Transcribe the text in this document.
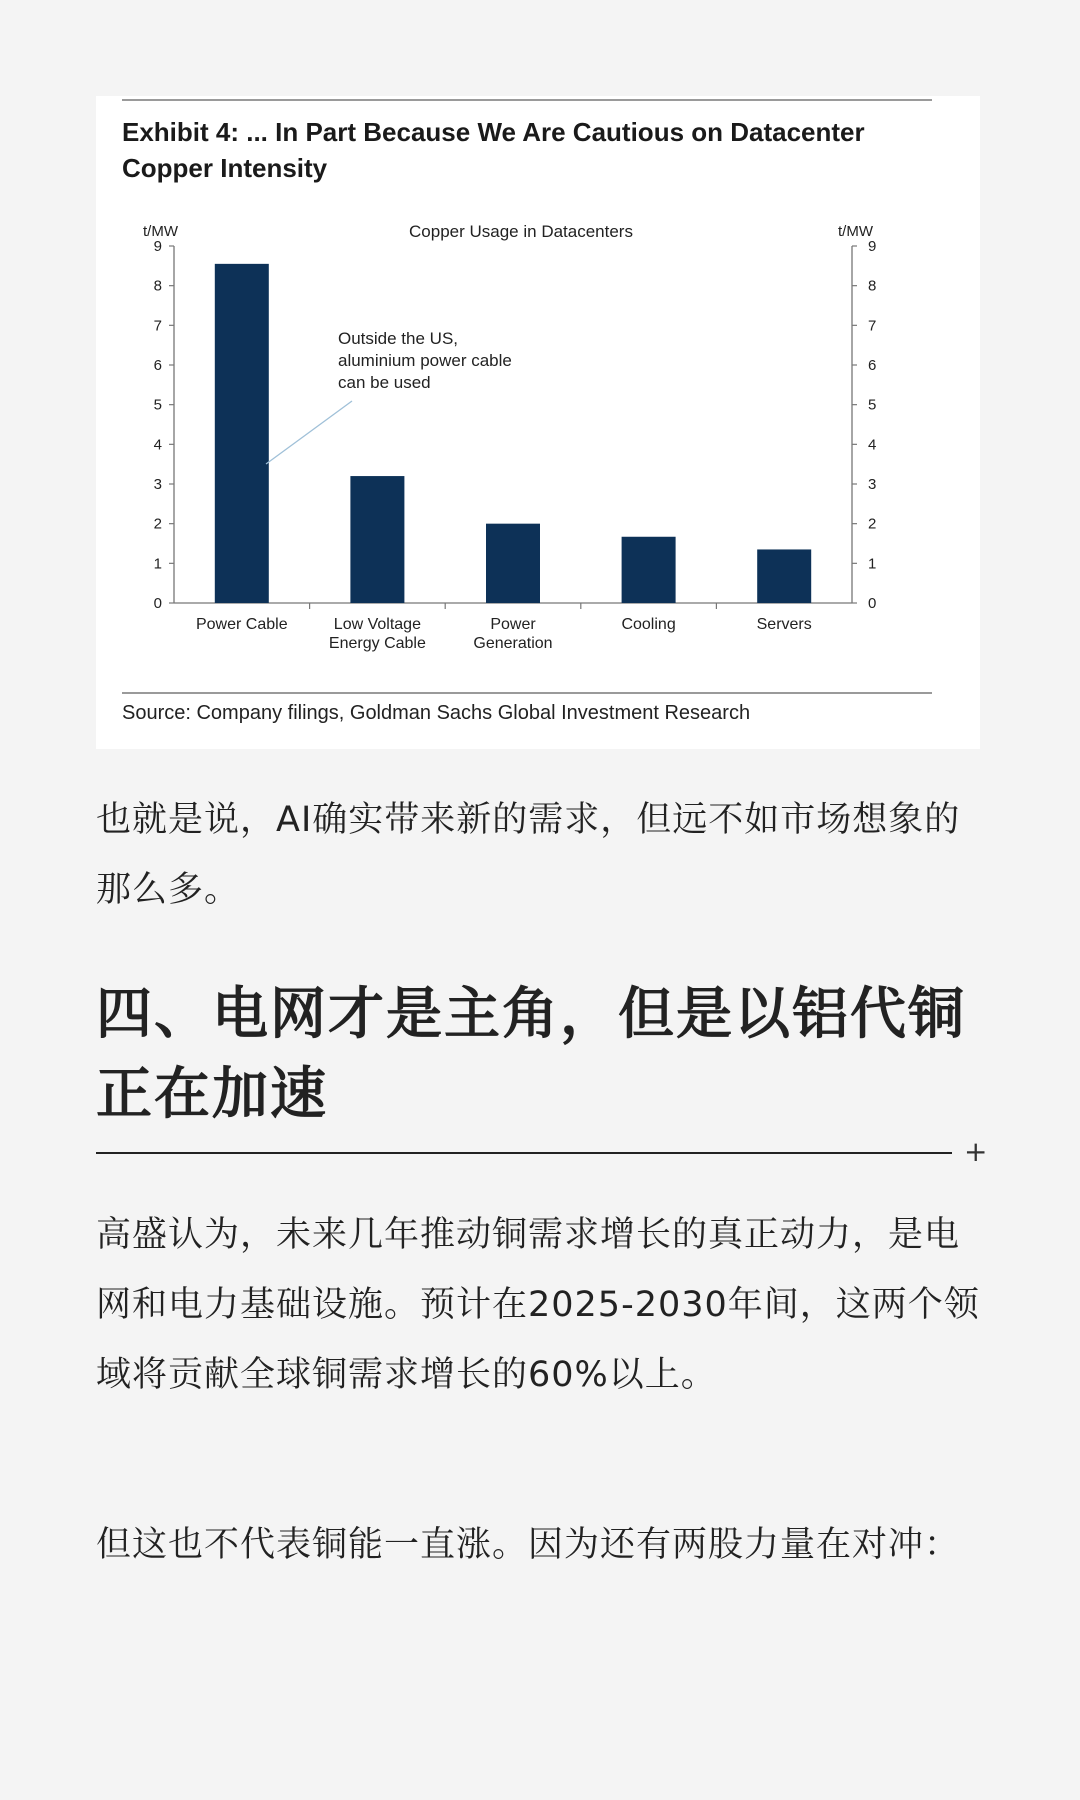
Exhibit 4: ... In Part Because We Are Cautious on Datacenter Copper Intensity
Copper Usage in Datacenters
t/MW	t/MW
0	0
1	1
2	2
3	3
4	4
5	5
6	6
7	7
8	8
9	9
Power Cable	Low Voltage
Energy Cable
Power
Generation
Cooling	Servers
Outside the US,
aluminium power cable
can be used
Source: Company filings, Goldman Sachs Global Investment Research
也就是说，AI确实带来新的需求，但远不如市场想象的那么多。
四、电网才是主角，但是以铝代铜正在加速
+
高盛认为，未来几年推动铜需求增长的真正动力，是电网和电力基础设施。预计在2025-2030年间，这两个领域将贡献全球铜需求增长的60%以上。
但这也不代表铜能一直涨。因为还有两股力量在对冲：
